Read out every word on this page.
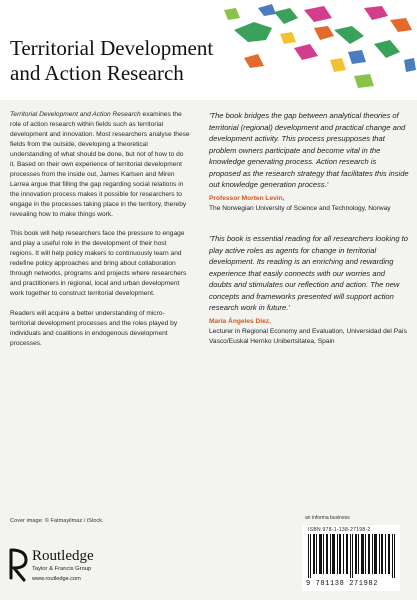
Territorial Development
and Action Research

Territorial Development and Action Research examines the role of action research within fields such as territorial development and innovation. Most researchers analyse these fields from the outside, developing a theoretical understanding of what should be done, but not of how to do it. Based on their own experience of territorial development processes from the inside out, James Karlsen and Miren Larrea argue that filling the gap regarding social relations in the innovation process makes it possible for researchers to engage in the processes taking place in the territory, thereby revealing how to make things work.

This book will help researchers face the pressure to engage and play a useful role in the development of their host regions. It will help policy makers to continuously learn and redefine policy approaches and bring about collaboration through networks, programs and projects where researchers and practitioners in regional, local and urban development work together to construct territorial development.

Readers will acquire a better understanding of micro-territorial development processes and the roles played by individuals and coalitions in endogenous development processes.

Cover image: © Fatmayilmaz / iStock.

'The book bridges the gap between analytical theories of territorial (regional) development and practical change and development activity. This process presupposes that problem owners participate and become vital in the knowledge generating process. Action research is proposed as the research strategy that facilitates this inside out knowledge generation process.'

Professor Morten Levin,
The Norwegian University of Science and Technology, Norway

'This book is essential reading for all researchers looking to play active roles as agents for change in territorial development. Its reading is an enriching and rewarding experience that easily connects with our worries and doubts and stimulates our reflection and action. The new concepts and frameworks presented will support action research work in future.'

María Ángeles Díez,
Lecturer in Regional Economy and Evaluation, Universidad del País Vasco/Euskal Herriko Unibertsitatea, Spain
an informa business
ISBN 978-1-138-27198-2
9 781138 271982
Routledge
Taylor & Francis Group
www.routledge.com
